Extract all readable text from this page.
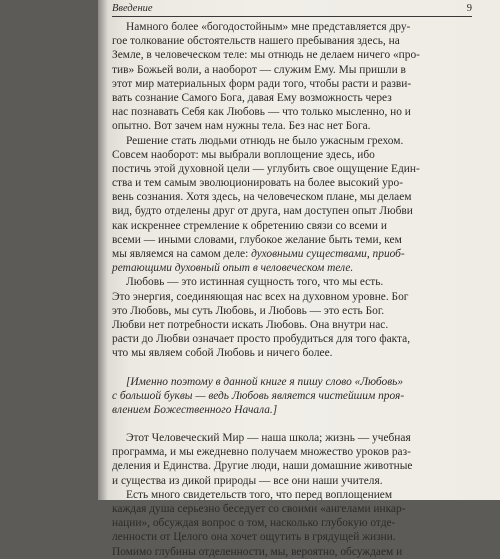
Введение	9
Намного более «богодостойным» мне представляется дру-
гое толкование обстоятельств нашего пребывания здесь, на
Земле, в человеческом теле: мы отнюдь не делаем ничего «про-
тив» Божьей воли, а наоборот — служим Ему. Мы пришли в
этот мир материальных форм ради того, чтобы расти и разви-
вать сознание Самого Бога, давая Ему возможность через
нас познавать Себя как Любовь — что только мысленно, но и
опытно. Вот зачем нам нужны тела. Без нас нет Бога.
Решение стать людьми отнюдь не было ужасным грехом.
Совсем наоборот: мы выбрали воплощение здесь, ибо
постичь этой духовной цели — углубить свое ощущение Един-
ства и тем самым эволюционировать на более высокий уро-
вень сознания. Хотя здесь, на человеческом плане, мы делаем
вид, будто отделены друг от друга, нам доступен опыт Любви
как искреннее стремление к обретению связи со всеми и
всеми — иными словами, глубокое желание быть теми, кем
мы являемся на самом деле: духовными существами, приоб-
ретающими духовный опыт в человеческом теле.
Любовь — это истинная сущность того, что мы есть.
Это энергия, соединяющая нас всех на духовном уровне. Бог
это Любовь, мы суть Любовь, и Любовь — это есть Бог.
Любви нет потребности искать Любовь. Она внутри нас.
расти до Любви означает просто пробудиться для того факта,
что мы являем собой Любовь и ничего более.
[Именно поэтому в данной книге я пишу слово «Любовь»
с большой буквы — ведь Любовь является чистейшим проя-
влением Божественного Начала.]
Этот Человеческий Мир — наша школа; жизнь — учебная
программа, и мы ежедневно получаем множество уроков раз-
деления и Единства. Другие люди, наши домашние животные
и существа из дикой природы — все они наши учителя.
Есть много свидетельств того, что перед воплощением
каждая душа серьезно беседует со своими «ангелами инкар-
нации», обсуждая вопрос о том, насколько глубокую отде-
ленности от Целого она хочет ощутить в грядущей жизни.
Помимо глубины отделенности, мы, вероятно, обсуждаем и
